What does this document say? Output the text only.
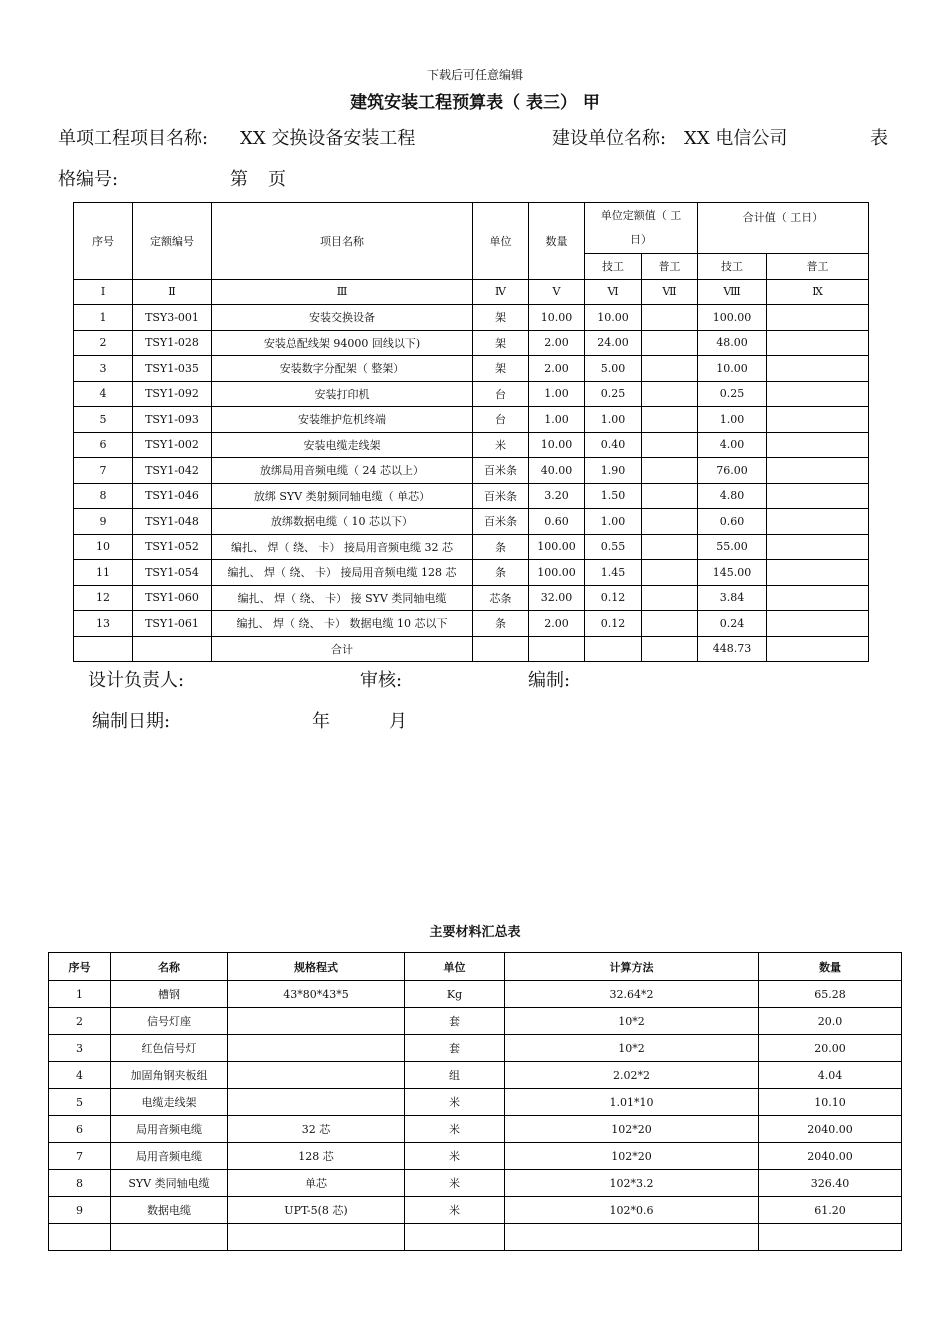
下载后可任意编辑
建筑安装工程预算表（ 表三） 甲
单项工程项目名称: XX 交换设备安装工程	建设单位名称: XX 电信公司	表
格编号:	第 页
序号	定额编号	项目名称	单位	数量	单位定额值（ 工日）		合计值（ 工日）	
					技工	普工	技工	普工
Ⅰ	Ⅱ	Ⅲ	Ⅳ	Ⅴ	Ⅵ	Ⅶ	Ⅷ	Ⅸ
1	TSY3-001	安装交换设备	架	10.00	10.00		100.00	
2	TSY1-028	安装总配线架 94000 回线以下)	架	2.00	24.00		48.00	
3	TSY1-035	安装数字分配架（ 整架）	架	2.00	5.00		10.00	
4	TSY1-092	安装打印机	台	1.00	0.25		0.25	
5	TSY1-093	安装维护危机终端	台	1.00	1.00		1.00	
6	TSY1-002	安装电缆走线架	米	10.00	0.40		4.00	
7	TSY1-042	放绑局用音频电缆（ 24 芯以上）	百米条	40.00	1.90		76.00	
8	TSY1-046	放绑 SYV 类射频同轴电缆（ 单芯）	百米条	3.20	1.50		4.80	
9	TSY1-048	放绑数据电缆（ 10 芯以下）	百米条	0.60	1.00		0.60	
10	TSY1-052	编扎、 焊（ 绕、 卡） 接局用音频电缆 32 芯	条	100.00	0.55		55.00	
11	TSY1-054	编扎、 焊（ 绕、 卡） 接局用音频电缆 128 芯	条	100.00	1.45		145.00	
12	TSY1-060	编扎、 焊（ 绕、 卡） 接 SYV 类同轴电缆	芯条	32.00	0.12		3.84	
13	TSY1-061	编扎、 焊（ 绕、 卡） 数据电缆 10 芯以下	条	2.00	0.12		0.24	
		合计					448.73	
设计负责人:	审核:	编制:
编制日期:	年	月
主要材料汇总表
序号	名称	规格程式	单位	计算方法	数量
1	槽钢	43*80*43*5	Kg	32.64*2	65.28
2	信号灯座		套	10*2	20.0
3	红色信号灯		套	10*2	20.00
4	加固角钢夹板组		组	2.02*2	4.04
5	电缆走线架		米	1.01*10	10.10
6	局用音频电缆	32 芯	米	102*20	2040.00
7	局用音频电缆	128 芯	米	102*20	2040.00
8	SYV 类同轴电缆	单芯	米	102*3.2	326.40
9	数据电缆	UPT-5(8 芯)	米	102*0.6	61.20
